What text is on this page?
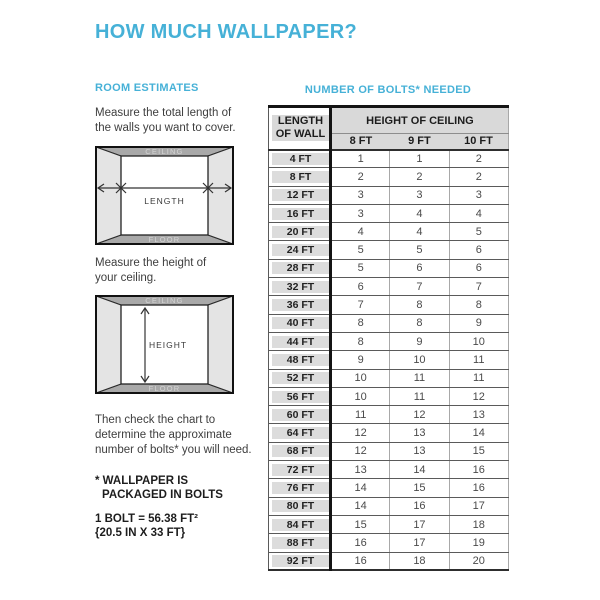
HOW MUCH WALLPAPER?
ROOM ESTIMATES
Measure the total length of
the walls you want to cover.
CEILING
FLOOR
LENGTH
Measure the height of
your ceiling.
CEILING
FLOOR
HEIGHT
Then check the chart to
determine the approximate
number of bolts* you will need.
* WALLPAPER IS
PACKAGED IN BOLTS
1 BOLT = 56.38 FT²
{20.5 IN X 33 FT}
NUMBER OF BOLTS* NEEDED
LENGTH
OF WALL	HEIGHT OF CEILING		
	8 FT	9 FT	10 FT

4 FT	1	1	2

8 FT	2	2	2

12 FT	3	3	3

16 FT	3	4	4

20 FT	4	4	5

24 FT	5	5	6

28 FT	5	6	6

32 FT	6	7	7

36 FT	7	8	8

40 FT	8	8	9

44 FT	8	9	10

48 FT	9	10	11

52 FT	10	11	11

56 FT	10	11	12

60 FT	11	12	13

64 FT	12	13	14

68 FT	12	13	15

72 FT	13	14	16

76 FT	14	15	16

80 FT	14	16	17

84 FT	15	17	18

88 FT	16	17	19

92 FT	16	18	20
